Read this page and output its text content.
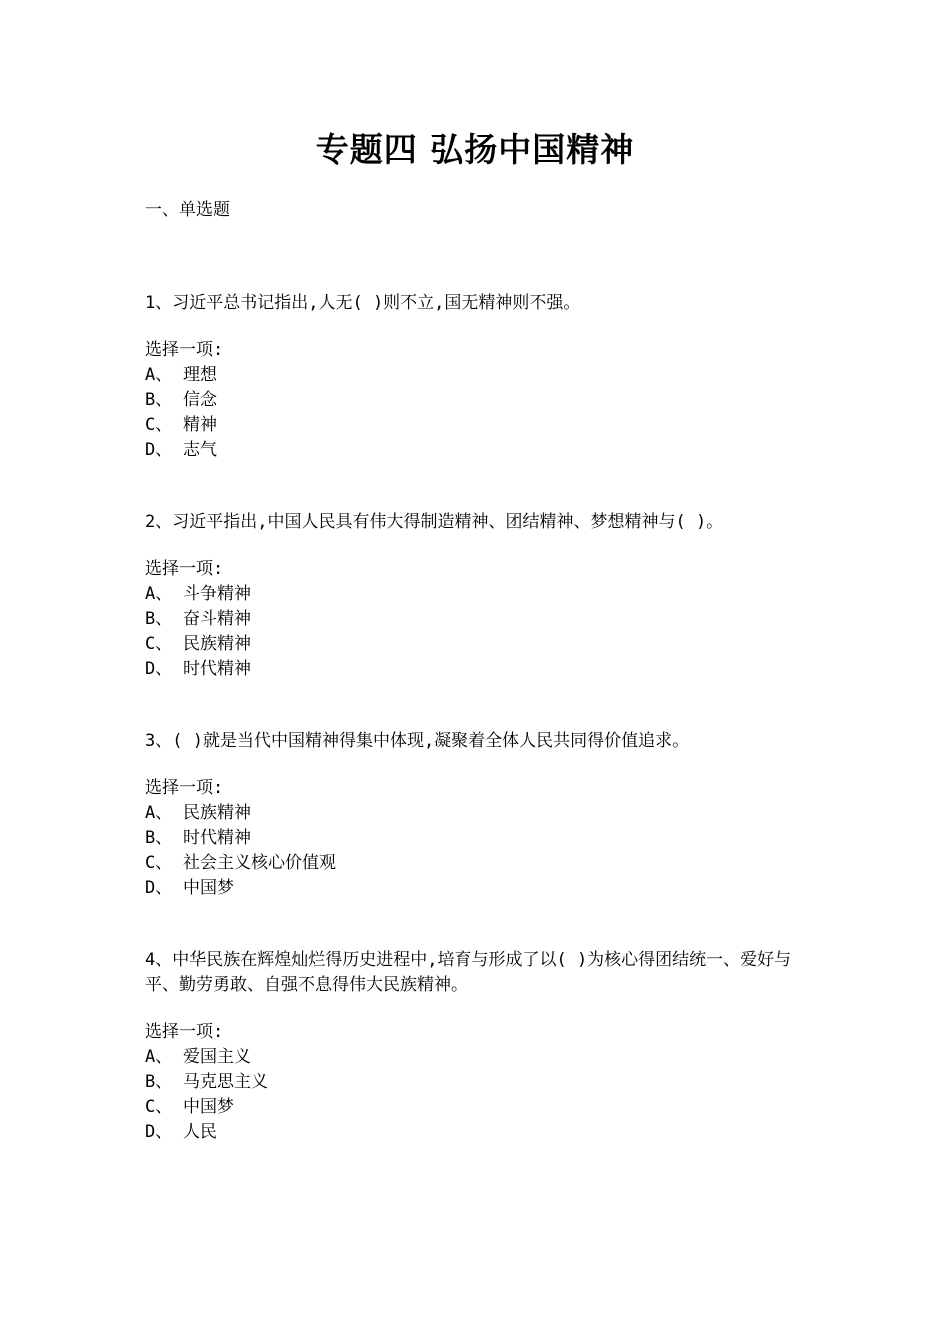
专题四 弘扬中国精神
一、单选题
1、习近平总书记指出,人无( )则不立,国无精神则不强。
选择一项:
A、 理想
B、 信念
C、 精神
D、 志气
2、习近平指出,中国人民具有伟大得制造精神、团结精神、梦想精神与( )。
选择一项:
A、 斗争精神
B、 奋斗精神
C、 民族精神
D、 时代精神
3、( )就是当代中国精神得集中体现,凝聚着全体人民共同得价值追求。
选择一项:
A、 民族精神
B、 时代精神
C、 社会主义核心价值观
D、 中国梦
4、中华民族在辉煌灿烂得历史进程中,培育与形成了以( )为核心得团结统一、爱好与平、勤劳勇敢、自强不息得伟大民族精神。
选择一项:
A、 爱国主义
B、 马克思主义
C、 中国梦
D、 人民
